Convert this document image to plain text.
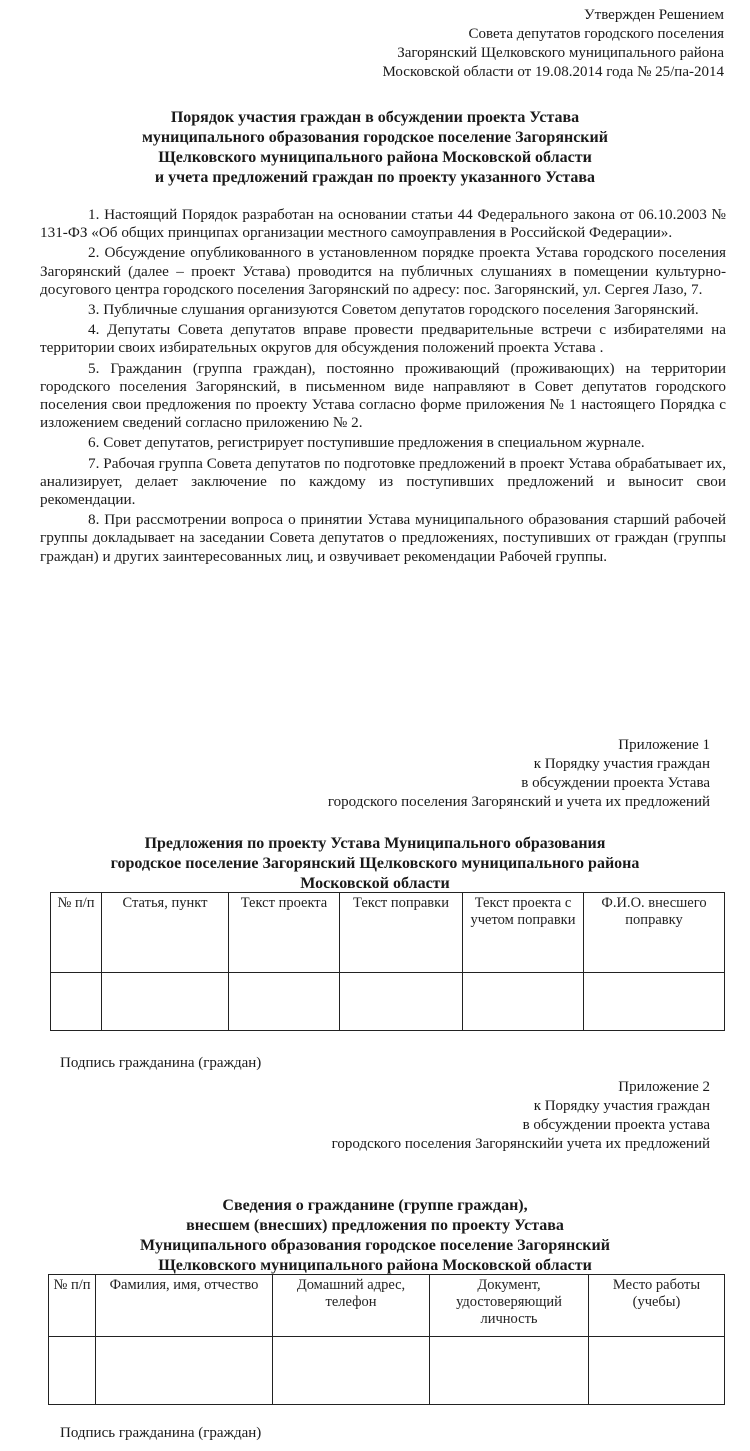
Утвержден Решением
Совета депутатов городского поселения
Загорянский Щелковского муниципального района
Московской области от 19.08.2014 года № 25/па-2014
Порядок участия граждан в обсуждении проекта Устава
муниципального образования городское поселение Загорянский
Щелковского муниципального района Московской области
и учета предложений граждан по проекту указанного Устава

1. Настоящий Порядок разработан на основании статьи 44 Федерального закона от 06.10.2003 № 131-ФЗ «Об общих принципах организации местного самоуправления в Российской Федерации».

2. Обсуждение опубликованного в установленном порядке проекта Устава городского поселения Загорянский (далее – проект Устава) проводится на публичных слушаниях в помещении культурно-досугового центра городского поселения Загорянский по адресу: пос. Загорянский, ул. Сергея Лазо, 7.

3. Публичные слушания организуются Советом депутатов городского поселения Загорянский.

4. Депутаты Совета депутатов вправе провести предварительные встречи с избирателями на территории своих избирательных округов для обсуждения положений проекта Устава .

5. Гражданин (группа граждан), постоянно проживающий (проживающих) на территории городского поселения Загорянский, в письменном виде направляют в Совет депутатов городского поселения свои предложения по проекту Устава согласно форме приложения № 1 настоящего Порядка с изложением сведений согласно приложению № 2.

6. Совет депутатов, регистрирует поступившие предложения в специальном журнале.

7. Рабочая группа Совета депутатов по подготовке предложений в проект Устава обрабатывает их, анализирует, делает заключение по каждому из поступивших предложений и выносит свои рекомендации.

8. При рассмотрении вопроса о принятии Устава муниципального образования старший рабочей группы докладывает на заседании Совета депутатов о предложениях, поступивших от граждан (группы граждан) и других заинтересованных лиц, и озвучивает рекомендации Рабочей группы.

Приложение 1
к Порядку участия граждан
в обсуждении проекта Устава
городского поселения Загорянский и учета их предложений
Предложения по проекту Устава Муниципального образования
городское поселение Загорянский Щелковского муниципального района
Московской области
№ п/п	Статья, пункт	Текст проекта	Текст поправки	Текст проекта с учетом поправки	Ф.И.О. внесшего поправку

Подпись гражданина (граждан)
Приложение 2
к Порядку участия граждан
в обсуждении проекта устава
городского поселения Загорянскийи учета их предложений
Сведения о гражданине (группе граждан),
внесшем (внесших) предложения по проекту Устава
Муниципального образования городское поселение Загорянский
Щелковского муниципального района Московской области
№ п/п	Фамилия, имя, отчество	Домашний адрес, телефон	Документ, удостоверяющий личность	Место работы (учебы)

Подпись гражданина (граждан)
